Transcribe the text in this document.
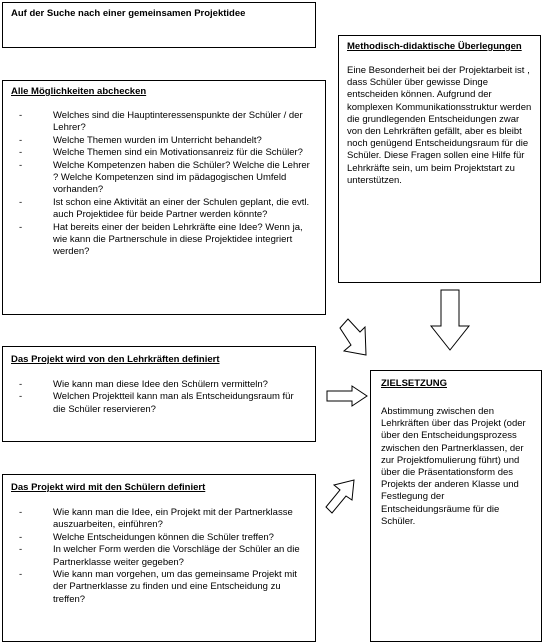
Auf der Suche nach einer gemeinsamen Projektidee
Alle Möglichkeiten abchecken
- Welches sind die Hauptinteressenspunkte der Schüler / der Lehrer?
- Welche Themen wurden im Unterricht behandelt?
- Welche Themen sind ein Motivationsanreiz für die Schüler?
- Welche Kompetenzen haben die Schüler? Welche die Lehrer ? Welche Kompetenzen sind im pädagogischen Umfeld vorhanden?
- Ist schon eine Aktivität an einer der Schulen geplant, die evtl. auch Projektidee für beide Partner werden könnte?
- Hat bereits einer der beiden Lehrkräfte eine Idee? Wenn ja, wie kann die Partnerschule in diese Projektidee integriert werden?
Methodisch-didaktische Überlegungen
Eine Besonderheit bei der Projektarbeit ist , dass Schüler über gewisse Dinge entscheiden können. Aufgrund der komplexen Kommunikationsstruktur werden die grundlegenden Entscheidungen zwar von den Lehrkräften gefällt, aber es bleibt noch genügend Entscheidungsraum für die Schüler. Diese Fragen sollen eine Hilfe für Lehrkräfte sein, um beim Projektstart zu unterstützen.
Das Projekt wird von den Lehrkräften definiert
- Wie kann man diese Idee den Schülern vermitteln?
- Welchen Projektteil kann man als Entscheidungsraum für die Schüler reservieren?
Das Projekt wird mit den Schülern definiert
- Wie kann man die Idee, ein Projekt mit der Partnerklasse auszuarbeiten, einführen?
- Welche Entscheidungen können die Schüler treffen?
- In welcher Form werden die Vorschläge der Schüler an die Partnerklasse weiter gegeben?
- Wie kann man vorgehen, um das gemeinsame Projekt mit der Partnerklasse zu finden und eine Entscheidung zu treffen?
ZIELSETZUNG
Abstimmung zwischen den Lehrkräften über das Projekt (oder über den Entscheidungsprozess zwischen den Partnerklassen, der zur Projektfomulierung führt) und über die Präsentationsform des Projekts der anderen Klasse und Festlegung der Entscheidungsräume für die Schüler.
